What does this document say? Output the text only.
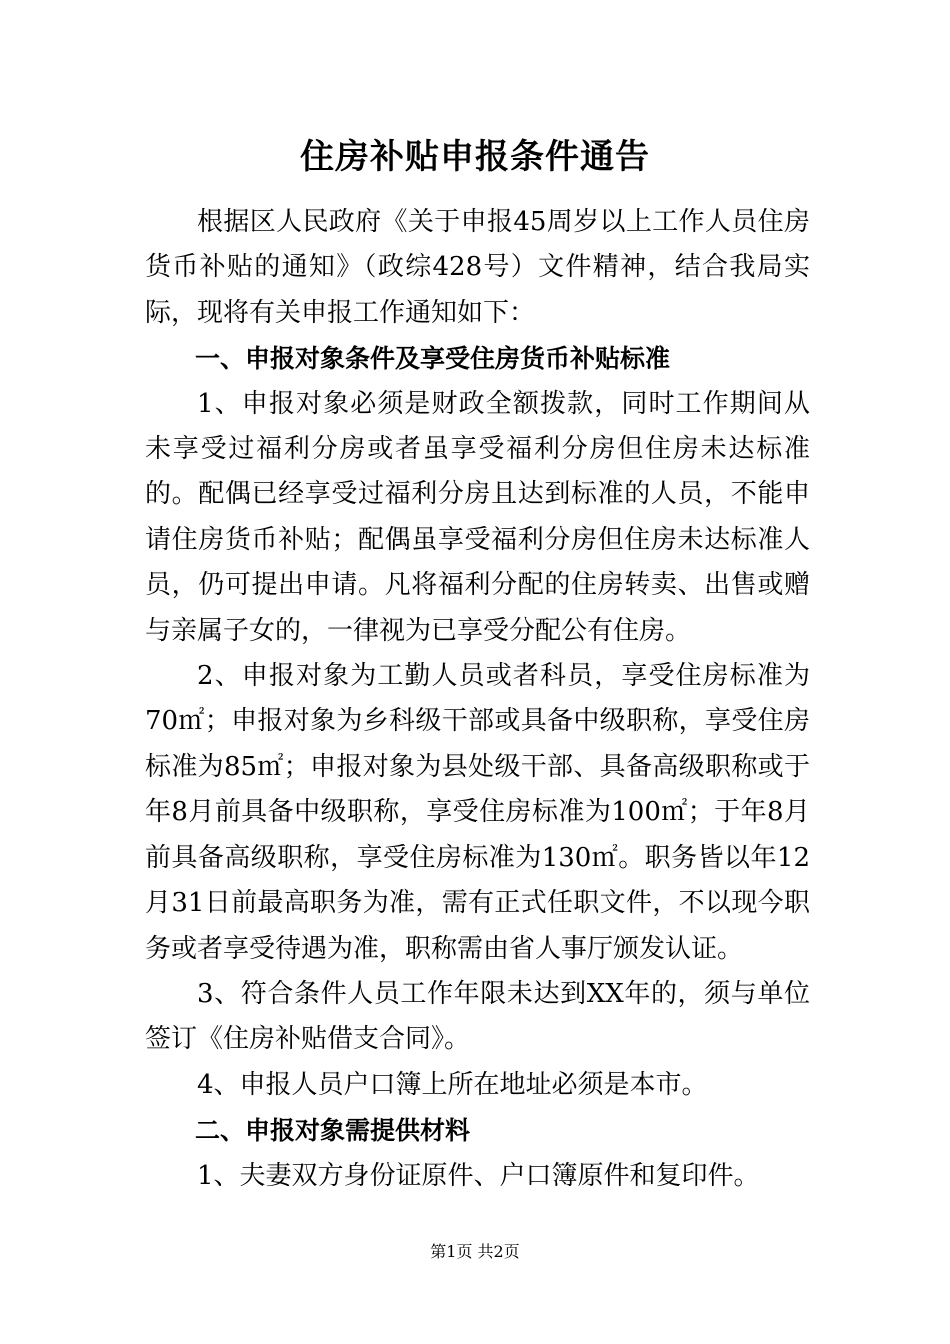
住房补贴申报条件通告

根据区人民政府《关于申报45周岁以上工作人员住房货币补贴的通知》（政综428号）文件精神，结合我局实际，现将有关申报工作通知如下：

一、申报对象条件及享受住房货币补贴标准

1、申报对象必须是财政全额拨款，同时工作期间从未享受过福利分房或者虽享受福利分房但住房未达标准的。配偶已经享受过福利分房且达到标准的人员，不能申请住房货币补贴；配偶虽享受福利分房但住房未达标准人员，仍可提出申请。凡将福利分配的住房转卖、出售或赠与亲属子女的，一律视为已享受分配公有住房。

2、申报对象为工勤人员或者科员，享受住房标准为70㎡；申报对象为乡科级干部或具备中级职称，享受住房标准为85㎡；申报对象为县处级干部、具备高级职称或于年8月前具备中级职称，享受住房标准为100㎡；于年8月前具备高级职称，享受住房标准为130㎡。职务皆以年12月31日前最高职务为准，需有正式任职文件，不以现今职务或者享受待遇为准，职称需由省人事厅颁发认证。

3、符合条件人员工作年限未达到XX年的，须与单位签订《住房补贴借支合同》。

4、申报人员户口簿上所在地址必须是本市。

二、申报对象需提供材料

1、夫妻双方身份证原件、户口簿原件和复印件。

第1页 共2页
